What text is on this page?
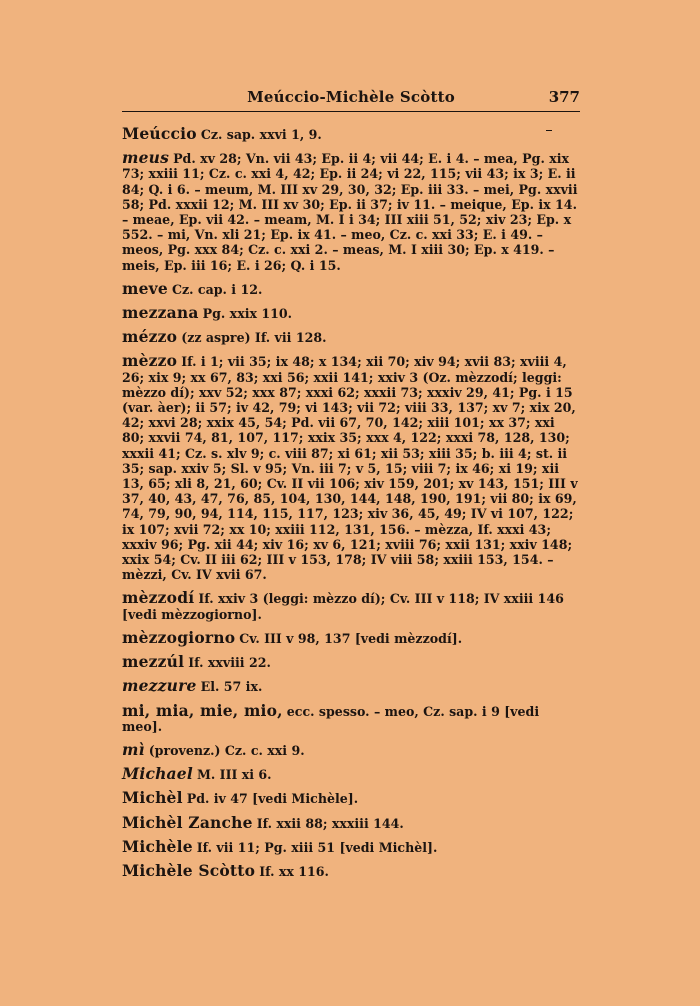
Meúccio-Michèle Scòtto	377
Meúccio Cz. sap. xxvi 1, 9.
meus Pd. xv 28; Vn. vii 43; Ep. ii 4; vii 44; E. i 4. – mea, Pg. xix 73; xxiii 11; Cz. c. xxi 4, 42; Ep. ii 24; vi 22, 115; vii 43; ix 3; E. ii 84; Q. i 6. – meum, M. III xv 29, 30, 32; Ep. iii 33. – mei, Pg. xxvii 58; Pd. xxxii 12; M. III xv 30; Ep. ii 37; iv 11. – meique, Ep. ix 14. – meae, Ep. vii 42. – meam, M. I i 34; III xiii 51, 52; xiv 23; Ep. x 552. – mi, Vn. xli 21; Ep. ix 41. – meo, Cz. c. xxi 33; E. i 49. – meos, Pg. xxx 84; Cz. c. xxi 2. – meas, M. I xiii 30; Ep. x 419. – meis, Ep. iii 16; E. i 26; Q. i 15.
meve Cz. cap. i 12.
mezzana Pg. xxix 110.
mézzo (zz aspre) If. vii 128.
mèzzo If. i 1; vii 35; ix 48; x 134; xii 70; xiv 94; xvii 83; xviii 4, 26; xix 9; xx 67, 83; xxi 56; xxii 141; xxiv 3 (Oz. mèzzodí; leggi: mèzzo dí); xxv 52; xxx 87; xxxi 62; xxxii 73; xxxiv 29, 41; Pg. i 15 (var. àer); ii 57; iv 42, 79; vi 143; vii 72; viii 33, 137; xv 7; xix 20, 42; xxvi 28; xxix 45, 54; Pd. vii 67, 70, 142; xiii 101; xx 37; xxi 80; xxvii 74, 81, 107, 117; xxix 35; xxx 4, 122; xxxi 78, 128, 130; xxxii 41; Cz. s. xlv 9; c. viii 87; xi 61; xii 53; xiii 35; b. iii 4; st. ii 35; sap. xxiv 5; Sl. v 95; Vn. iii 7; v 5, 15; viii 7; ix 46; xi 19; xii 13, 65; xli 8, 21, 60; Cv. II vii 106; xiv 159, 201; xv 143, 151; III v 37, 40, 43, 47, 76, 85, 104, 130, 144, 148, 190, 191; vii 80; ix 69, 74, 79, 90, 94, 114, 115, 117, 123; xiv 36, 45, 49; IV vi 107, 122; ix 107; xvii 72; xx 10; xxiii 112, 131, 156. – mèzza, If. xxxi 43; xxxiv 96; Pg. xii 44; xiv 16; xv 6, 121; xviii 76; xxii 131; xxiv 148; xxix 54; Cv. II iii 62; III v 153, 178; IV viii 58; xxiii 153, 154. – mèzzi, Cv. IV xvii 67.
mèzzodí If. xxiv 3 (leggi: mèzzo dí); Cv. III v 118; IV xxiii 146 [vedi mèzzogiorno].
mèzzogiorno Cv. III v 98, 137 [vedi mèzzodí].
mezzúl If. xxviii 22.
mezzure El. 57 ix.
mi, mia, mie, mio, ecc. spesso. – meo, Cz. sap. i 9 [vedi meo].
mì (provenz.) Cz. c. xxi 9.
Michael M. III xi 6.
Michèl Pd. iv 47 [vedi Michèle].
Michèl Zanche If. xxii 88; xxxiii 144.
Michèle If. vii 11; Pg. xiii 51 [vedi Michèl].
Michèle Scòtto If. xx 116.
